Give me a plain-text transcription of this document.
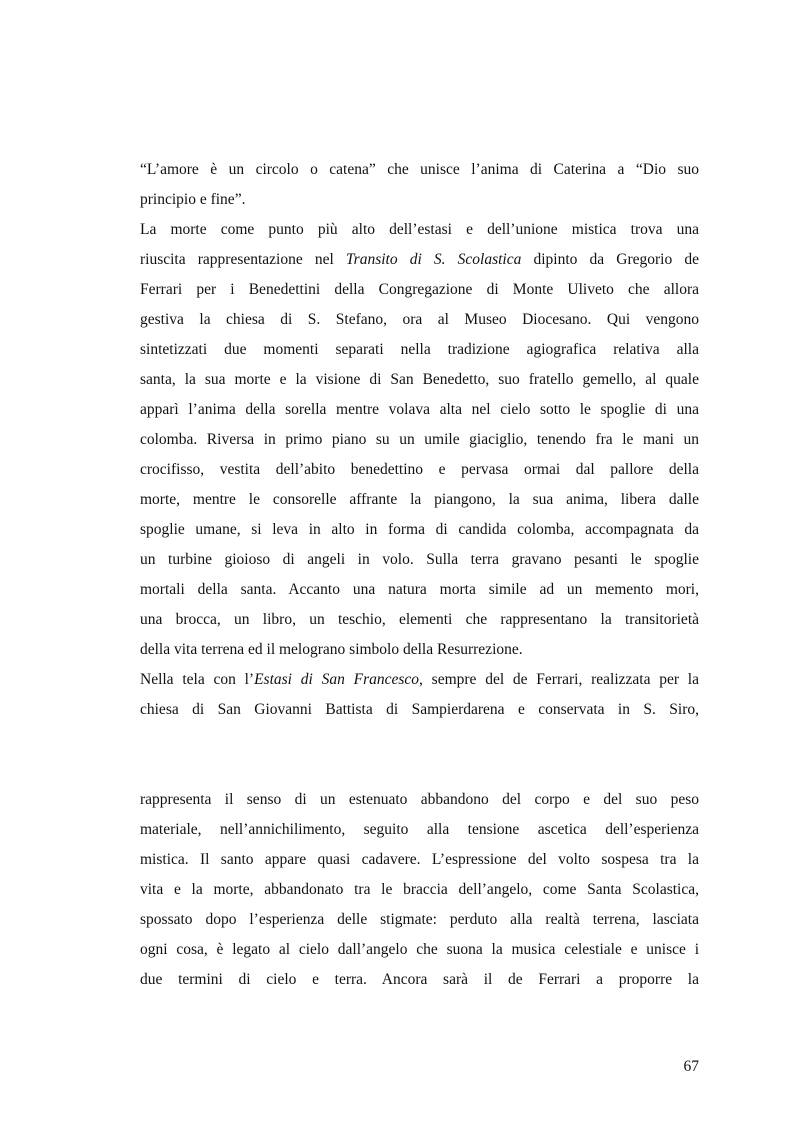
“L’amore è un circolo o catena” che unisce l’anima di Caterina a “Dio suo
principio e fine”.
La morte come punto più alto dell’estasi e dell’unione mistica trova una
riuscita rappresentazione nel Transito di S. Scolastica dipinto da Gregorio de
Ferrari per i Benedettini della Congregazione di Monte Uliveto che allora
gestiva la chiesa di S. Stefano, ora al Museo Diocesano. Qui vengono
sintetizzati due momenti separati nella tradizione agiografica relativa alla
santa, la sua morte e la visione di San Benedetto, suo fratello gemello, al quale
apparì l’anima della sorella mentre volava alta nel cielo sotto le spoglie di una
colomba. Riversa in primo piano su un umile giaciglio, tenendo fra le mani un
crocifisso, vestita dell’abito benedettino e pervasa ormai dal pallore della
morte, mentre le consorelle affrante la piangono, la sua anima, libera dalle
spoglie umane, si leva in alto in forma di candida colomba, accompagnata da
un turbine gioioso di angeli in volo. Sulla terra gravano pesanti le spoglie
mortali della santa. Accanto una natura morta simile ad un memento mori,
una brocca, un libro, un teschio, elementi che rappresentano la transitorietà
della vita terrena ed il melograno simbolo della Resurrezione.
Nella tela con l’Estasi di San Francesco, sempre del de Ferrari, realizzata per la
chiesa di San Giovanni Battista di Sampierdarena e conservata in S. Siro,
rappresenta il senso di un estenuato abbandono del corpo e del suo peso
materiale, nell’annichilimento, seguito alla tensione ascetica dell’esperienza
mistica. Il santo appare quasi cadavere. L’espressione del volto sospesa tra la
vita e la morte, abbandonato tra le braccia dell’angelo, come Santa Scolastica,
spossato dopo l’esperienza delle stigmate: perduto alla realtà terrena, lasciata
ogni cosa, è legato al cielo dall’angelo che suona la musica celestiale e unisce i
due termini di cielo e terra. Ancora sarà il de Ferrari a proporre la
67
